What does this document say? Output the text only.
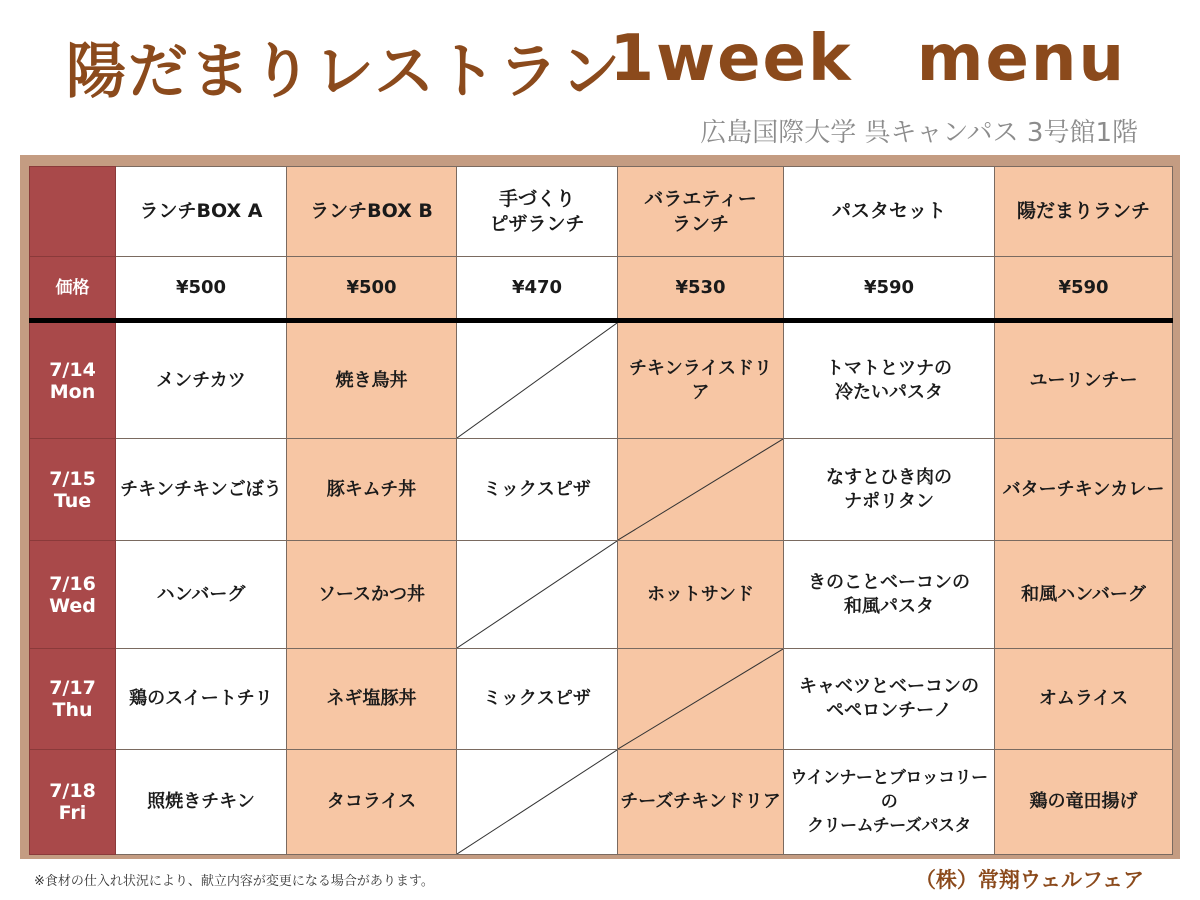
陽だまりレストラン
1week menu
広島国際大学 呉キャンパス 3号館1階

	ランチBOX A	ランチBOX B	手づくり
ピザランチ	バラエティー
ランチ	パスタセット	陽だまりランチ

価格	¥500	¥500	¥470	¥530	¥590	¥590

7/14
Mon	メンチカツ	焼き鳥丼		チキンライスドリア	トマトとツナの
冷たいパスタ	ユーリンチー

7/15
Tue	チキンチキンごぼう	豚キムチ丼	ミックスピザ		なすとひき肉の
ナポリタン	バターチキンカレー

7/16
Wed	ハンバーグ	ソースかつ丼		ホットサンド	きのことベーコンの
和風パスタ	和風ハンバーグ

7/17
Thu	鶏のスイートチリ	ネギ塩豚丼	ミックスピザ		キャベツとベーコンの
ペペロンチーノ	オムライス

7/18
Fri	照焼きチキン	タコライス		チーズチキンドリア	ウインナーとブロッコリーの
クリームチーズパスタ	鶏の竜田揚げ
※食材の仕入れ状況により、献立内容が変更になる場合があります。	（株）常翔ウェルフェア
